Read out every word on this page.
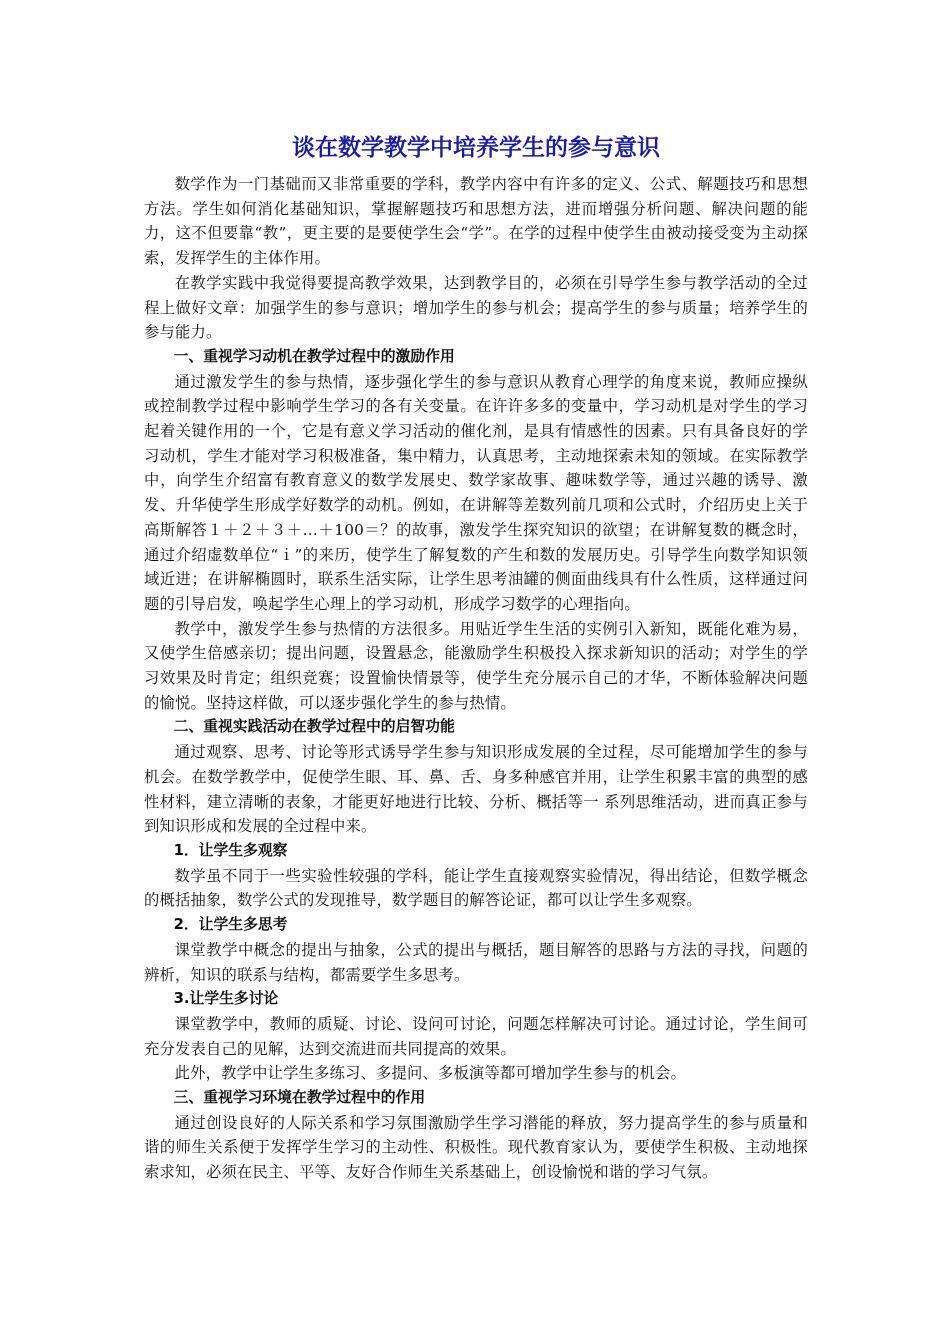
谈在数学教学中培养学生的参与意识

数学作为一门基础而又非常重要的学科，教学内容中有许多的定义、公式、解题技巧和思想方法。学生如何消化基础知识，掌握解题技巧和思想方法，进而增强分析问题、解决问题的能力，这不但要靠“教”，更主要的是要使学生会“学”。在学的过程中使学生由被动接受变为主动探索，发挥学生的主体作用。

在教学实践中我觉得要提高教学效果，达到教学目的，必须在引导学生参与教学活动的全过程上做好文章：加强学生的参与意识；增加学生的参与机会；提高学生的参与质量；培养学生的参与能力。

一、重视学习动机在教学过程中的激励作用

通过激发学生的参与热情，逐步强化学生的参与意识从教育心理学的角度来说，教师应操纵或控制教学过程中影响学生学习的各有关变量。在许许多多的变量中，学习动机是对学生的学习起着关键作用的一个，它是有意义学习活动的催化剂，是具有情感性的因素。只有具备良好的学习动机，学生才能对学习积极准备，集中精力，认真思考，主动地探索未知的领域。在实际教学中，向学生介绍富有教育意义的数学发展史、数学家故事、趣味数学等，通过兴趣的诱导、激发、升华使学生形成学好数学的动机。例如，在讲解等差数列前几项和公式时，介绍历史上关于高斯解答１＋２＋３＋…＋100＝？的故事，激发学生探究知识的欲望；在讲解复数的概念时，通过介绍虚数单位“ｉ”的来历，使学生了解复数的产生和数的发展历史。引导学生向数学知识领域近进；在讲解椭圆时，联系生活实际，让学生思考油罐的侧面曲线具有什么性质，这样通过问题的引导启发，唤起学生心理上的学习动机，形成学习数学的心理指向。

教学中，激发学生参与热情的方法很多。用贴近学生生活的实例引入新知，既能化难为易，又使学生倍感亲切；提出问题，设置悬念，能激励学生积极投入探求新知识的活动；对学生的学习效果及时肯定；组织竞赛；设置愉快情景等，使学生充分展示自己的才华，不断体验解决问题的愉悦。坚持这样做，可以逐步强化学生的参与热情。

二、重视实践活动在教学过程中的启智功能

通过观察、思考、讨论等形式诱导学生参与知识形成发展的全过程，尽可能增加学生的参与机会。在数学教学中，促使学生眼、耳、鼻、舌、身多种感官并用，让学生积累丰富的典型的感性材料，建立清晰的表象，才能更好地进行比较、分析、概括等一 系列思维活动，进而真正参与到知识形成和发展的全过程中来。

1．让学生多观察

数学虽不同于一些实验性较强的学科，能让学生直接观察实验情况，得出结论，但数学概念的概括抽象，数学公式的发现推导，数学题目的解答论证，都可以让学生多观察。

2．让学生多思考

课堂教学中概念的提出与抽象，公式的提出与概括，题目解答的思路与方法的寻找，问题的辨析，知识的联系与结构，都需要学生多思考。

3.让学生多讨论

课堂教学中，教师的质疑、讨论、设问可讨论，问题怎样解决可讨论。通过讨论，学生间可充分发表自己的见解，达到交流进而共同提高的效果。

此外，教学中让学生多练习、多提问、多板演等都可增加学生参与的机会。

三、重视学习环境在教学过程中的作用

通过创设良好的人际关系和学习氛围激励学生学习潜能的释放，努力提高学生的参与质量和谐的师生关系便于发挥学生学习的主动性、积极性。现代教育家认为，要使学生积极、主动地探索求知，必须在民主、平等、友好合作师生关系基础上，创设愉悦和谐的学习气氛。
